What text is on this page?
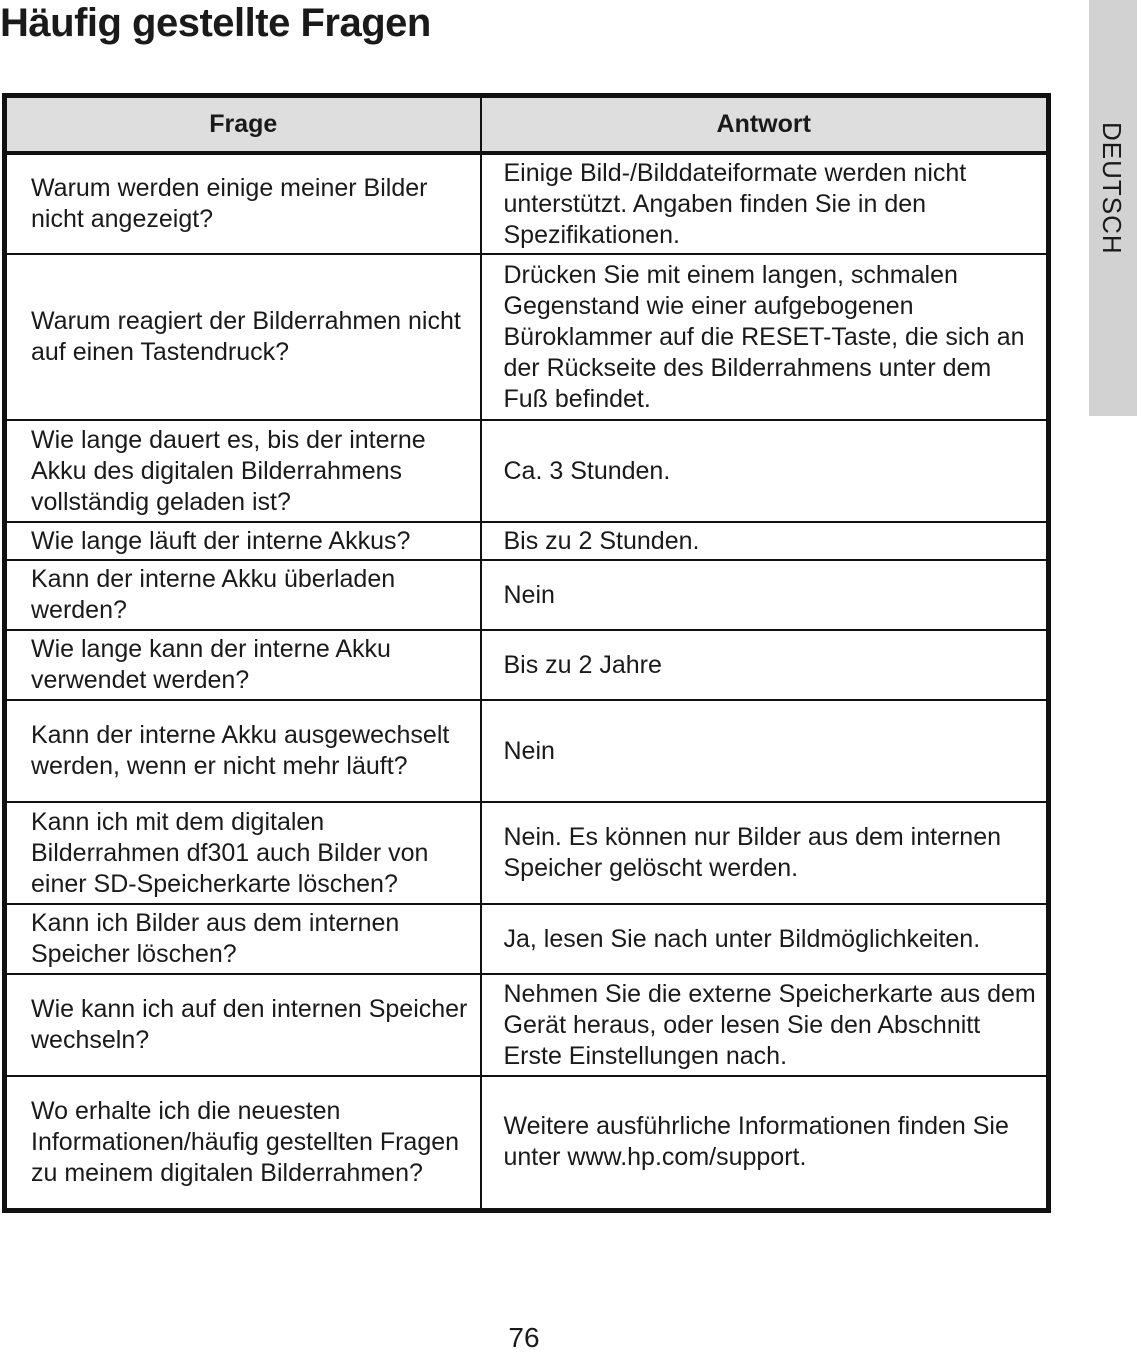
Häufig gestellte Fragen
DEUTSCH
Frage	Antwort
Warum werden einige meiner Bilder nicht angezeigt?	Einige Bild-/Bilddateiformate werden nicht unterstützt. Angaben finden Sie in den Spezifikationen.
Warum reagiert der Bilderrahmen nicht auf einen Tastendruck?	Drücken Sie mit einem langen, schmalen Gegenstand wie einer aufgebogenen Büroklammer auf die RESET-Taste, die sich an der Rückseite des Bilderrahmens unter dem Fuß befindet.
Wie lange dauert es, bis der interne Akku des digitalen Bilderrahmens vollständig geladen ist?	Ca. 3 Stunden.
Wie lange läuft der interne Akkus?	Bis zu 2 Stunden.
Kann der interne Akku überladen werden?	Nein
Wie lange kann der interne Akku verwendet werden?	Bis zu 2 Jahre
Kann der interne Akku ausgewechselt werden, wenn er nicht mehr läuft?	Nein
Kann ich mit dem digitalen Bilderrahmen df301 auch Bilder von einer SD-Speicherkarte löschen?	Nein. Es können nur Bilder aus dem internen Speicher gelöscht werden.
Kann ich Bilder aus dem internen Speicher löschen?	Ja, lesen Sie nach unter Bildmöglichkeiten.
Wie kann ich auf den internen Speicher wechseln?	Nehmen Sie die externe Speicherkarte aus dem Gerät heraus, oder lesen Sie den Abschnitt Erste Einstellungen nach.
Wo erhalte ich die neuesten Informationen/häufig gestellten Fragen zu meinem digitalen Bilderrahmen?	Weitere ausführliche Informationen finden Sie unter www.hp.com/support.
76
